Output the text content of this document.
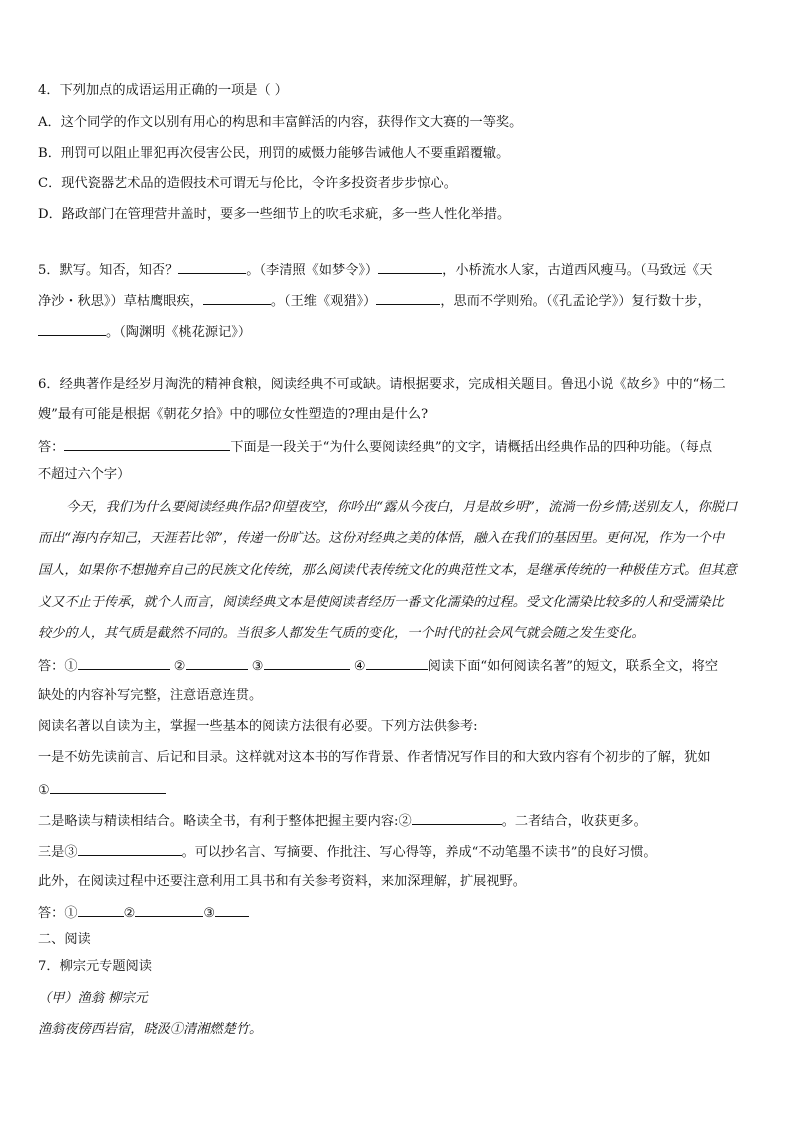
4．下列加点的成语运用正确的一项是（ ）
A．这个同学的作文以别有用心的构思和丰富鲜活的内容，获得作文大赛的一等奖。
B．刑罚可以阻止罪犯再次侵害公民，刑罚的威慑力能够告诫他人不要重蹈覆辙。
C．现代瓷器艺术品的造假技术可谓无与伦比，令许多投资者步步惊心。
D．路政部门在管理营井盖时，要多一些细节上的吹毛求疵，多一些人性化举措。
5．默写。知否，知否？	。（李清照《如梦令》）	，小桥流水人家，古道西风瘦马。（马致远《天
净沙・秋思》）草枯鹰眼疾，	。（王维《观猎》）	，思而不学则殆。（《孔孟论学》）复行数十步，
。（陶渊明《桃花源记》）
6．经典著作是经岁月淘洗的精神食粮，阅读经典不可或缺。请根据要求，完成相关题目。鲁迅小说《故乡》中的“杨二
嫂”最有可能是根据《朝花夕拾》中的哪位女性塑造的?理由是什么?
答：	下面是一段关于“为什么要阅读经典”的文字，请概括出经典作品的四种功能。（每点
不超过六个字）
今天，我们为什么要阅读经典作品?仰望夜空，你吟出“露从今夜白，月是故乡明”，流淌一份乡情;送别友人，你脱口
而出“海内存知己，天涯若比邻”，传递一份旷达。这份对经典之美的体悟，融入在我们的基因里。更何况，作为一个中
国人，如果你不想抛弃自己的民族文化传统，那么阅读代表传统文化的典范性文本，是继承传统的一种极佳方式。但其意
义又不止于传承，就个人而言，阅读经典文本是使阅读者经历一番文化濡染的过程。受文化濡染比较多的人和受濡染比
较少的人，其气质是截然不同的。当很多人都发生气质的变化，一个时代的社会风气就会随之发生变化。
答：①	②	③	④	阅读下面“如何阅读名著”的短文，联系全文，将空
缺处的内容补写完整，注意语意连贯。
阅读名著以自读为主，掌握一些基本的阅读方法很有必要。下列方法供参考:
一是不妨先读前言、后记和目录。这样就对这本书的写作背景、作者情况写作目的和大致内容有个初步的了解，犹如
①
二是略读与精读相结合。略读全书，有利于整体把握主要内容:②	。二者结合，收获更多。
三是③	。可以抄名言、写摘要、作批注、写心得等，养成“不动笔墨不读书”的良好习惯。
此外，在阅读过程中还要注意利用工具书和有关参考资料，来加深理解，扩展视野。
答：①	②	③
二、阅读
7．柳宗元专题阅读
（甲）渔翁 柳宗元
渔翁夜傍西岩宿，晓汲①清湘燃楚竹。
